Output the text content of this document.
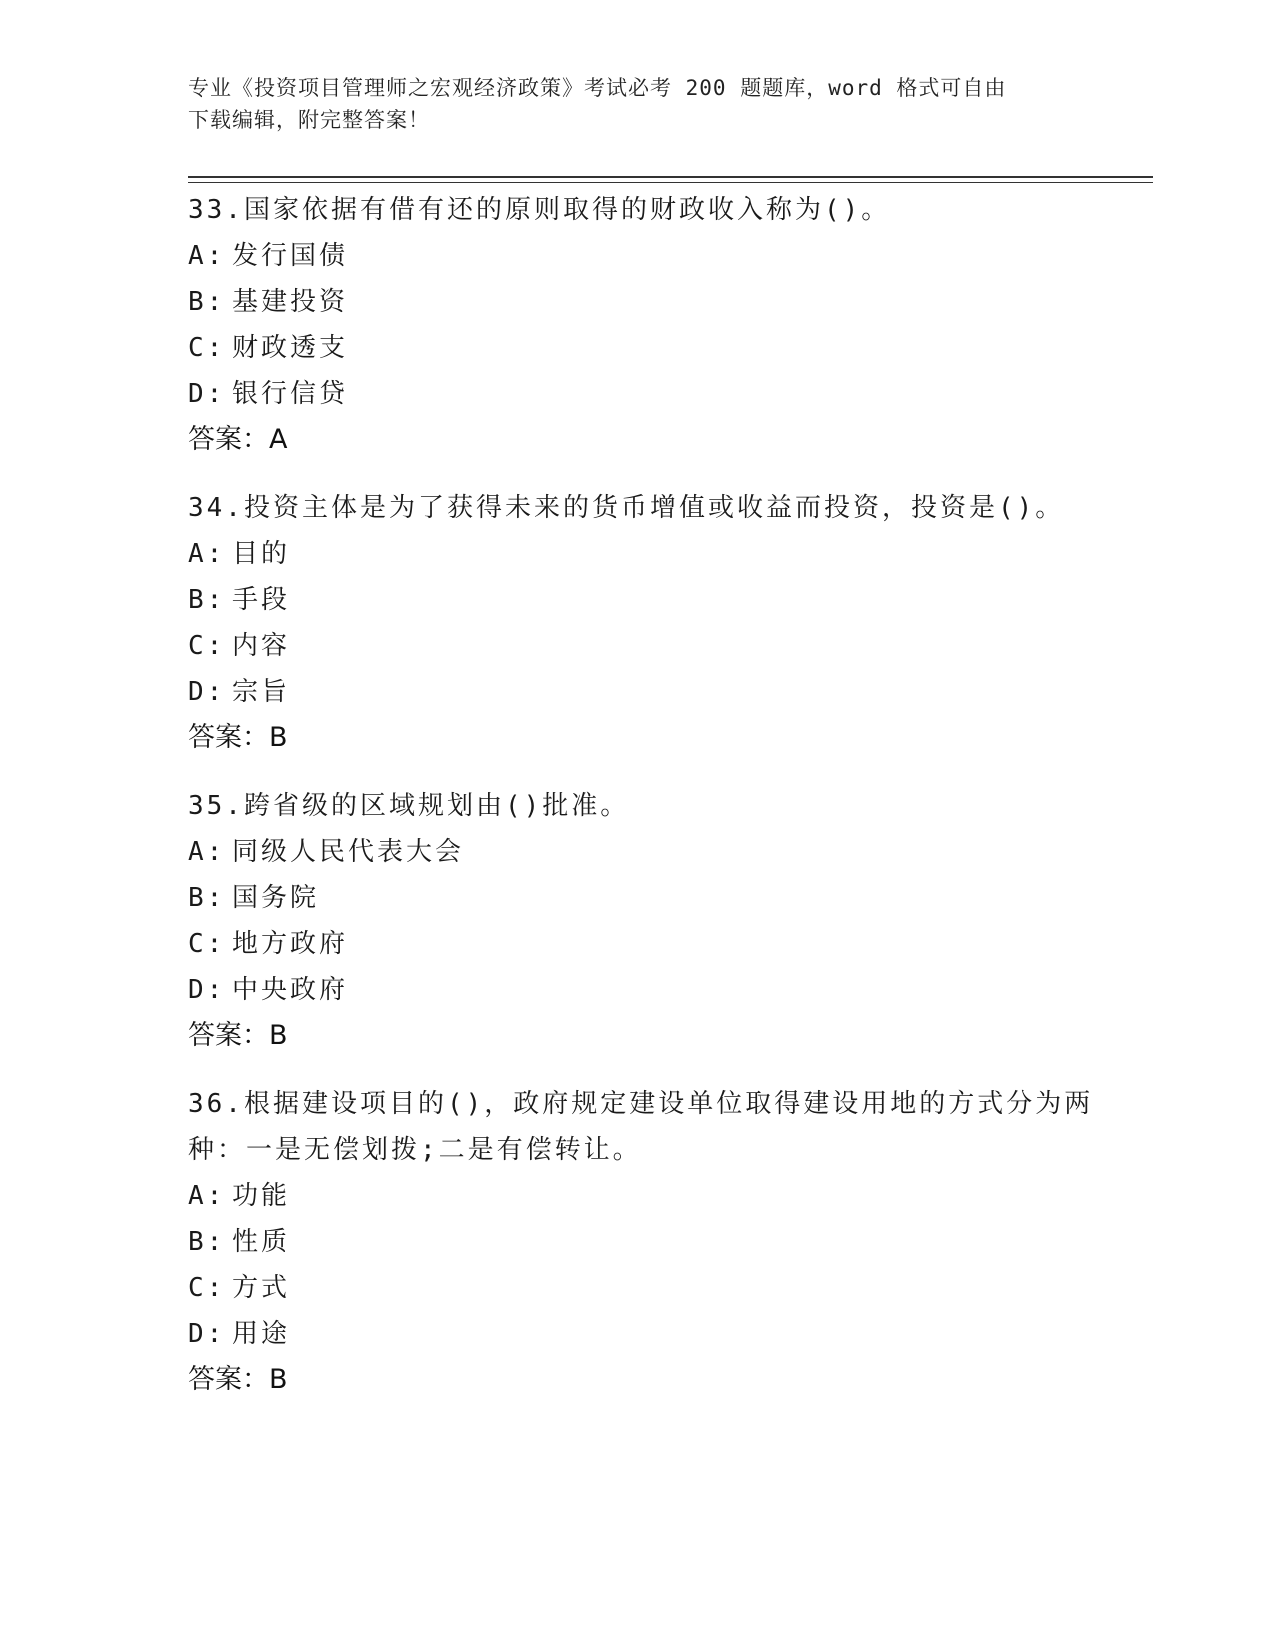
专业《投资项目管理师之宏观经济政策》考试必考 200 题题库，word 格式可自由
下载编辑，附完整答案！
33.国家依据有借有还的原则取得的财政收入称为()。
A: 发行国债
B: 基建投资
C: 财政透支
D: 银行信贷
答案：A
34.投资主体是为了获得未来的货币增值或收益而投资，投资是()。
A: 目的
B: 手段
C: 内容
D: 宗旨
答案：B
35.跨省级的区域规划由()批准。
A: 同级人民代表大会
B: 国务院
C: 地方政府
D: 中央政府
答案：B
36.根据建设项目的()，政府规定建设单位取得建设用地的方式分为两
种：一是无偿划拨;二是有偿转让。
A: 功能
B: 性质
C: 方式
D: 用途
答案：B
